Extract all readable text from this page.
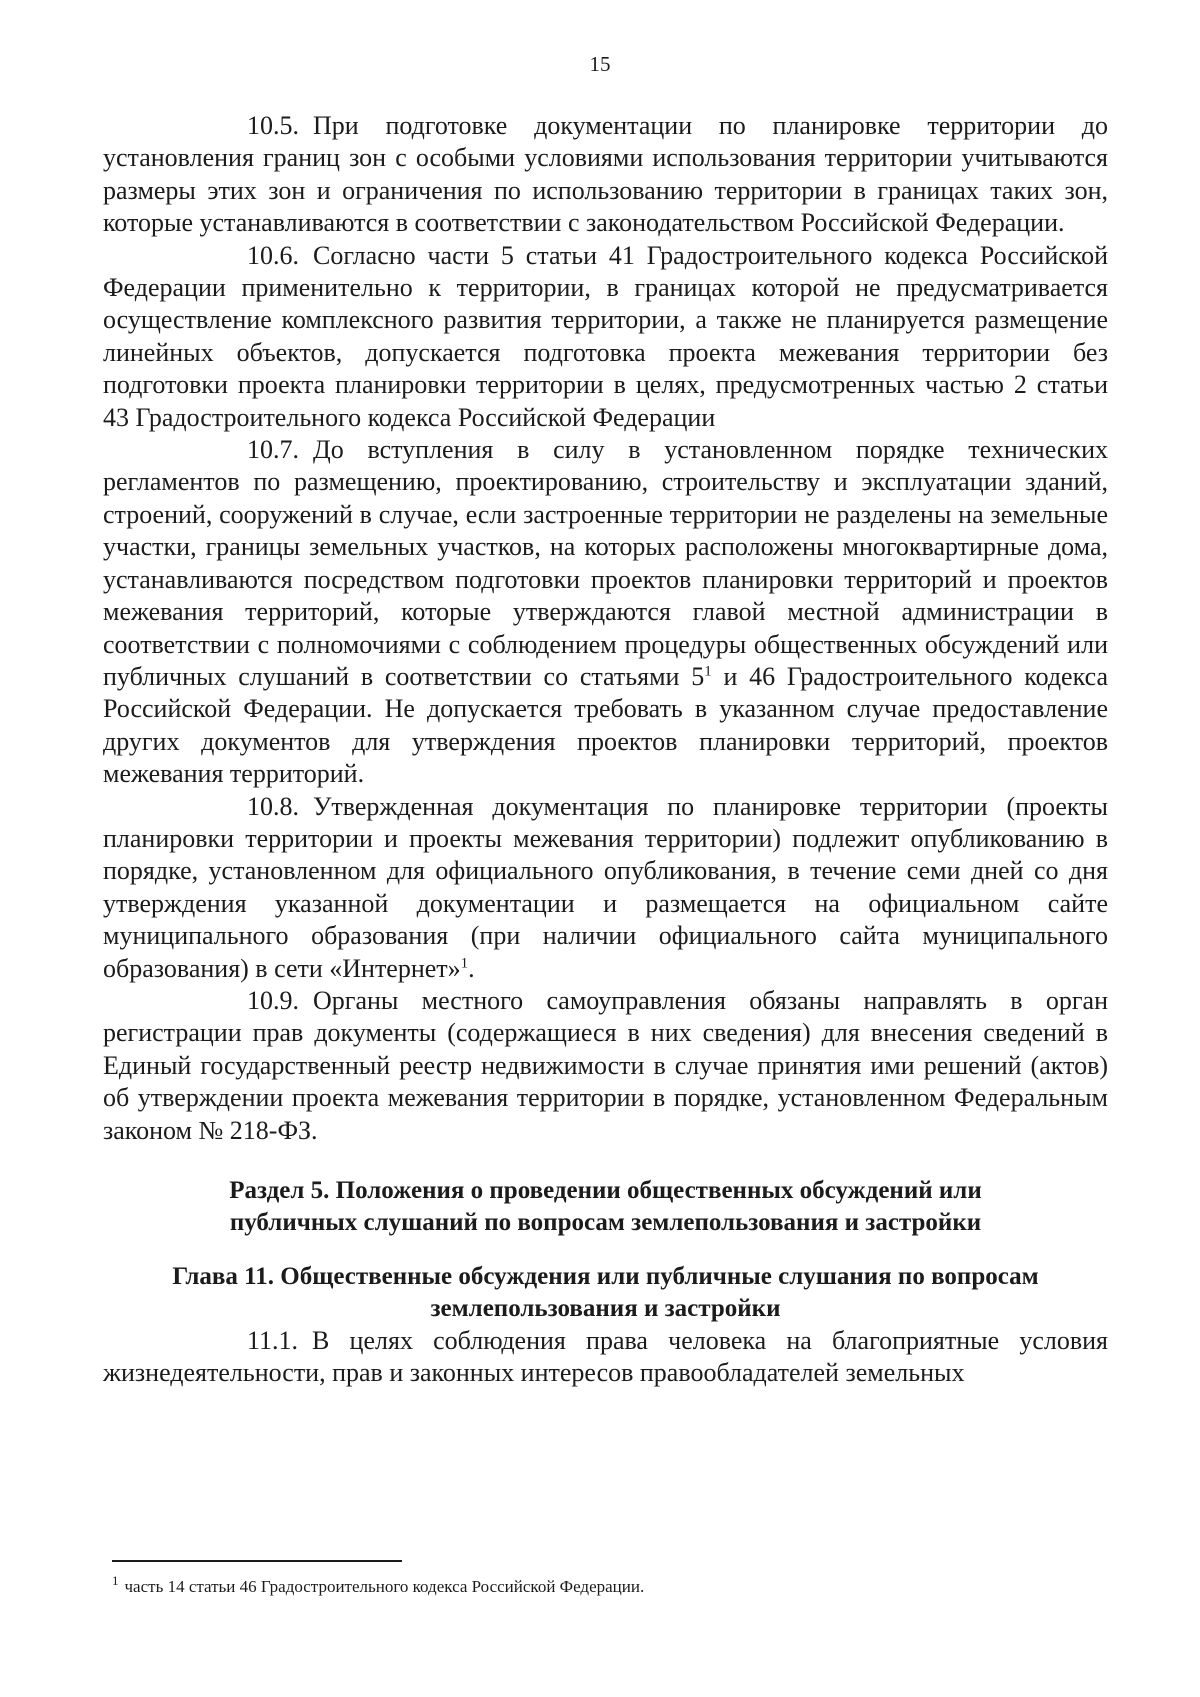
15

10.5. При подготовке документации по планировке территории до установления границ зон с особыми условиями использования территории учитываются размеры этих зон и ограничения по использованию территории в границах таких зон, которые устанавливаются в соответствии с законодательством Российской Федерации.

10.6. Согласно части 5 статьи 41 Градостроительного кодекса Российской Федерации применительно к территории, в границах которой не предусматривается осуществление комплексного развития территории, а также не планируется размещение линейных объектов, допускается подготовка проекта межевания территории без подготовки проекта планировки территории в целях, предусмотренных частью 2 статьи 43 Градостроительного кодекса Российской Федерации

10.7. До вступления в силу в установленном порядке технических регламентов по размещению, проектированию, строительству и эксплуатации зданий, строений, сооружений в случае, если застроенные территории не разделены на земельные участки, границы земельных участков, на которых расположены многоквартирные дома, устанавливаются посредством подготовки проектов планировки территорий и проектов межевания территорий, которые утверждаются главой местной администрации в соответствии с полномочиями с соблюдением процедуры общественных обсуждений или публичных слушаний в соответствии со статьями $5^1$ и 46 Градостроительного кодекса Российской Федерации. Не допускается требовать в указанном случае предоставление других документов для утверждения проектов планировки территорий, проектов межевания территорий.

10.8. Утвержденная документация по планировке территории (проекты планировки территории и проекты межевания территории) подлежит опубликованию в порядке, установленном для официального опубликования, в течение семи дней со дня утверждения указанной документации и размещается на официальном сайте муниципального образования (при наличии официального сайта муниципального образования) в сети «Интернет»$^1$.

10.9. Органы местного самоуправления обязаны направлять в орган регистрации прав документы (содержащиеся в них сведения) для внесения сведений в Единый государственный реестр недвижимости в случае принятия ими решений (актов) об утверждении проекта межевания территории в порядке, установленном Федеральным законом № 218-ФЗ.

Раздел 5. Положения о проведении общественных обсуждений или
публичных слушаний по вопросам землепользования и застройки
Глава 11. Общественные обсуждения или публичные слушания по вопросам
землепользования и застройки

11.1. В целях соблюдения права человека на благоприятные условия жизнедеятельности, прав и законных интересов правообладателей земельных

$^1$ часть 14 статьи 46 Градостроительного кодекса Российской Федерации.
